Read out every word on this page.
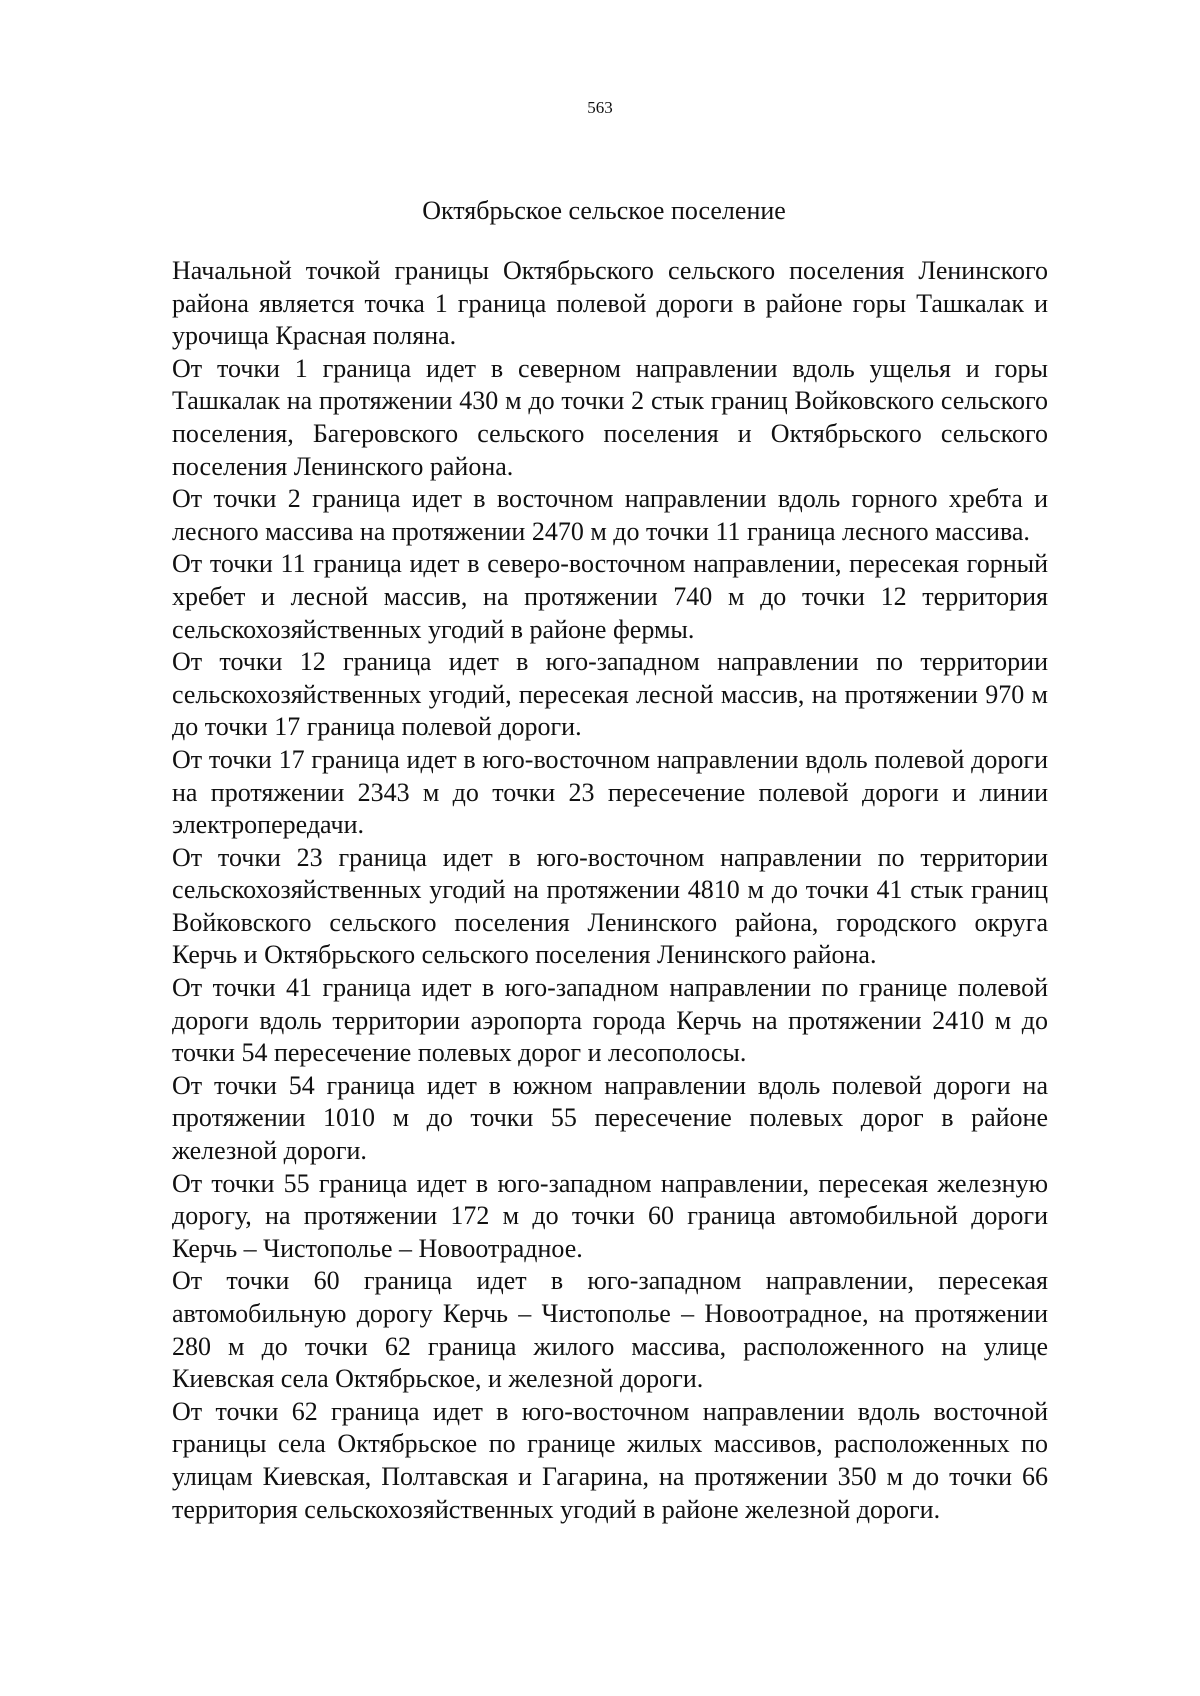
563
Октябрьское сельское поселение

Начальной точкой границы Октябрьского сельского поселения Ленинского района является точка 1 граница полевой дороги в районе горы Ташкалак и урочища Красная поляна.

От точки 1 граница идет в северном направлении вдоль ущелья и горы Ташкалак на протяжении 430 м до точки 2 стык границ Войковского сельского поселения, Багеровского сельского поселения и Октябрьского сельского поселения Ленинского района.

От точки 2 граница идет в восточном направлении вдоль горного хребта и лесного массива на протяжении 2470 м до точки 11 граница лесного массива.

От точки 11 граница идет в северо-восточном направлении, пересекая горный хребет и лесной массив, на протяжении 740 м до точки 12 территория сельскохозяйственных угодий в районе фермы.

От точки 12 граница идет в юго-западном направлении по территории сельскохозяйственных угодий, пересекая лесной массив, на протяжении 970 м до точки 17 граница полевой дороги.

От точки 17 граница идет в юго-восточном направлении вдоль полевой дороги на протяжении 2343 м до точки 23 пересечение полевой дороги и линии электропередачи.

От точки 23 граница идет в юго-восточном направлении по территории сельскохозяйственных угодий на протяжении 4810 м до точки 41 стык границ Войковского сельского поселения Ленинского района, городского округа Керчь и Октябрьского сельского поселения Ленинского района.

От точки 41 граница идет в юго-западном направлении по границе полевой дороги вдоль территории аэропорта города Керчь на протяжении 2410 м до точки 54 пересечение полевых дорог и лесополосы.

От точки 54 граница идет в южном направлении вдоль полевой дороги на протяжении 1010 м до точки 55 пересечение полевых дорог в районе железной дороги.

От точки 55 граница идет в юго-западном направлении, пересекая железную дорогу, на протяжении 172 м до точки 60 граница автомобильной дороги Керчь – Чистополье – Новоотрадное.

От точки 60 граница идет в юго-западном направлении, пересекая автомобильную дорогу Керчь – Чистополье – Новоотрадное, на протяжении 280 м до точки 62 граница жилого массива, расположенного на улице Киевская села Октябрьское, и железной дороги.

От точки 62 граница идет в юго-восточном направлении вдоль восточной границы села Октябрьское по границе жилых массивов, расположенных по улицам Киевская, Полтавская и Гагарина, на протяжении 350 м до точки 66 территория сельскохозяйственных угодий в районе железной дороги.
